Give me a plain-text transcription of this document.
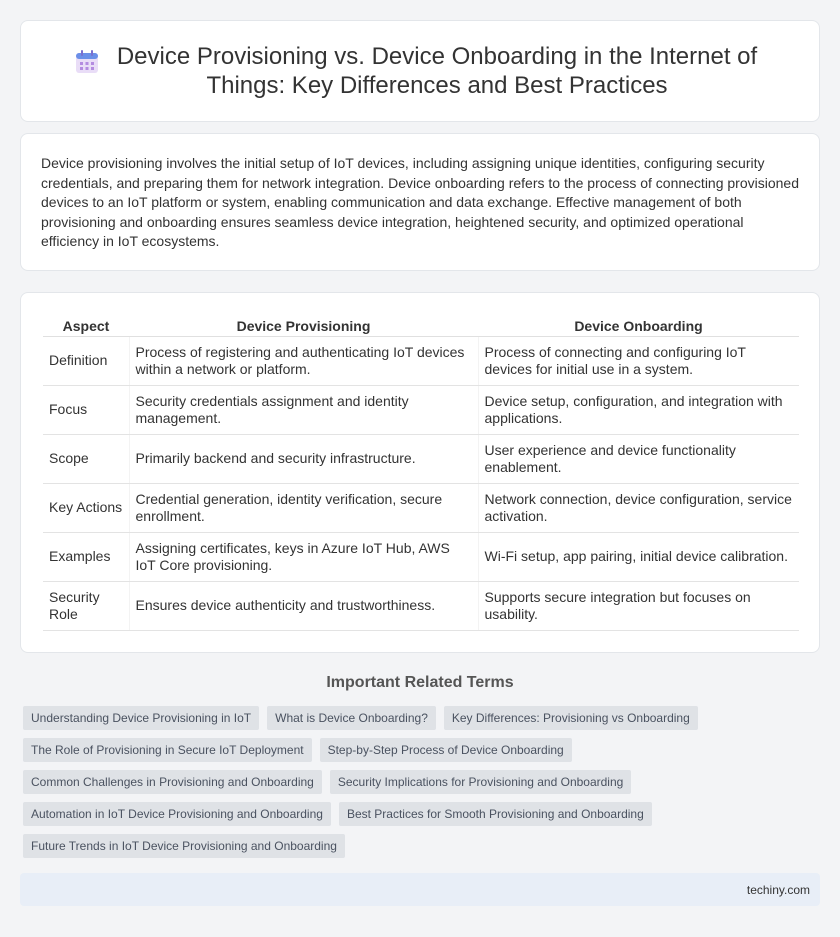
Device Provisioning vs. Device Onboarding in the Internet of Things: Key Differences and Best Practices

Device provisioning involves the initial setup of IoT devices, including assigning unique identities, configuring security credentials, and preparing them for network integration. Device onboarding refers to the process of connecting provisioned devices to an IoT platform or system, enabling communication and data exchange. Effective management of both provisioning and onboarding ensures seamless device integration, heightened security, and optimized operational efficiency in IoT ecosystems.

Aspect	Device Provisioning	Device Onboarding
Definition	Process of registering and authenticating IoT devices within a network or platform.	Process of connecting and configuring IoT devices for initial use in a system.
Focus	Security credentials assignment and identity management.	Device setup, configuration, and integration with applications.
Scope	Primarily backend and security infrastructure.	User experience and device functionality enablement.
Key Actions	Credential generation, identity verification, secure enrollment.	Network connection, device configuration, service activation.
Examples	Assigning certificates, keys in Azure IoT Hub, AWS IoT Core provisioning.	Wi-Fi setup, app pairing, initial device calibration.
Security Role	Ensures device authenticity and trustworthiness.	Supports secure integration but focuses on usability.
Important Related Terms
Understanding Device Provisioning in IoT	What is Device Onboarding?	Key Differences: Provisioning vs Onboarding
The Role of Provisioning in Secure IoT Deployment	Step-by-Step Process of Device Onboarding
Common Challenges in Provisioning and Onboarding	Security Implications for Provisioning and Onboarding
Automation in IoT Device Provisioning and Onboarding	Best Practices for Smooth Provisioning and Onboarding
Future Trends in IoT Device Provisioning and Onboarding
techiny.com
